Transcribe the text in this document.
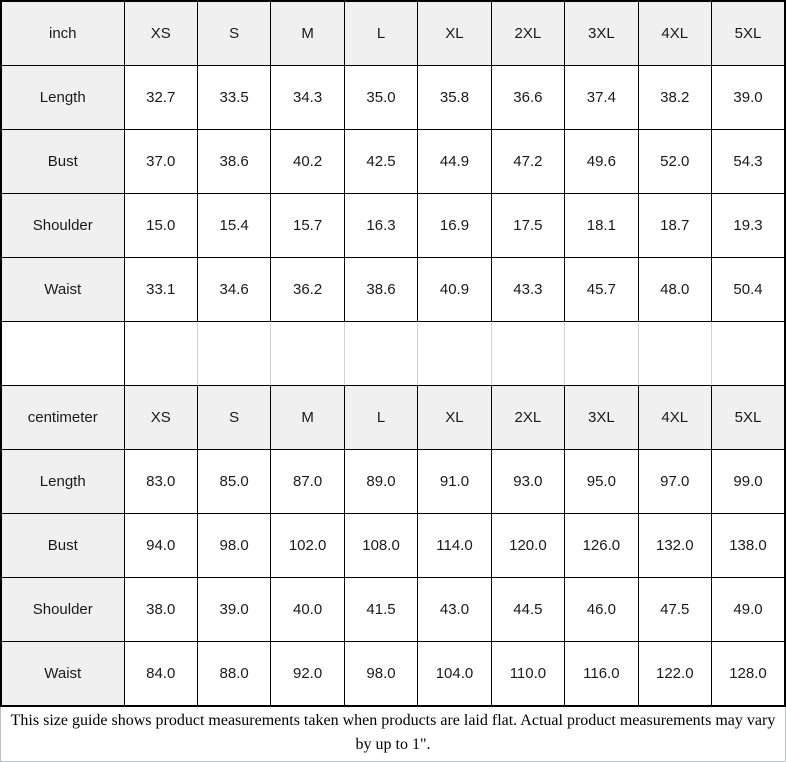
inch	XS	S	M	L	XL	2XL	3XL	4XL	5XL
Length	32.7	33.5	34.3	35.0	35.8	36.6	37.4	38.2	39.0
Bust	37.0	38.6	40.2	42.5	44.9	47.2	49.6	52.0	54.3
Shoulder	15.0	15.4	15.7	16.3	16.9	17.5	18.1	18.7	19.3
Waist	33.1	34.6	36.2	38.6	40.9	43.3	45.7	48.0	50.4

centimeter	XS	S	M	L	XL	2XL	3XL	4XL	5XL
Length	83.0	85.0	87.0	89.0	91.0	93.0	95.0	97.0	99.0
Bust	94.0	98.0	102.0	108.0	114.0	120.0	126.0	132.0	138.0
Shoulder	38.0	39.0	40.0	41.5	43.0	44.5	46.0	47.5	49.0
Waist	84.0	88.0	92.0	98.0	104.0	110.0	116.0	122.0	128.0
This size guide shows product measurements taken when products are laid flat. Actual product measurements may vary by up to 1".
